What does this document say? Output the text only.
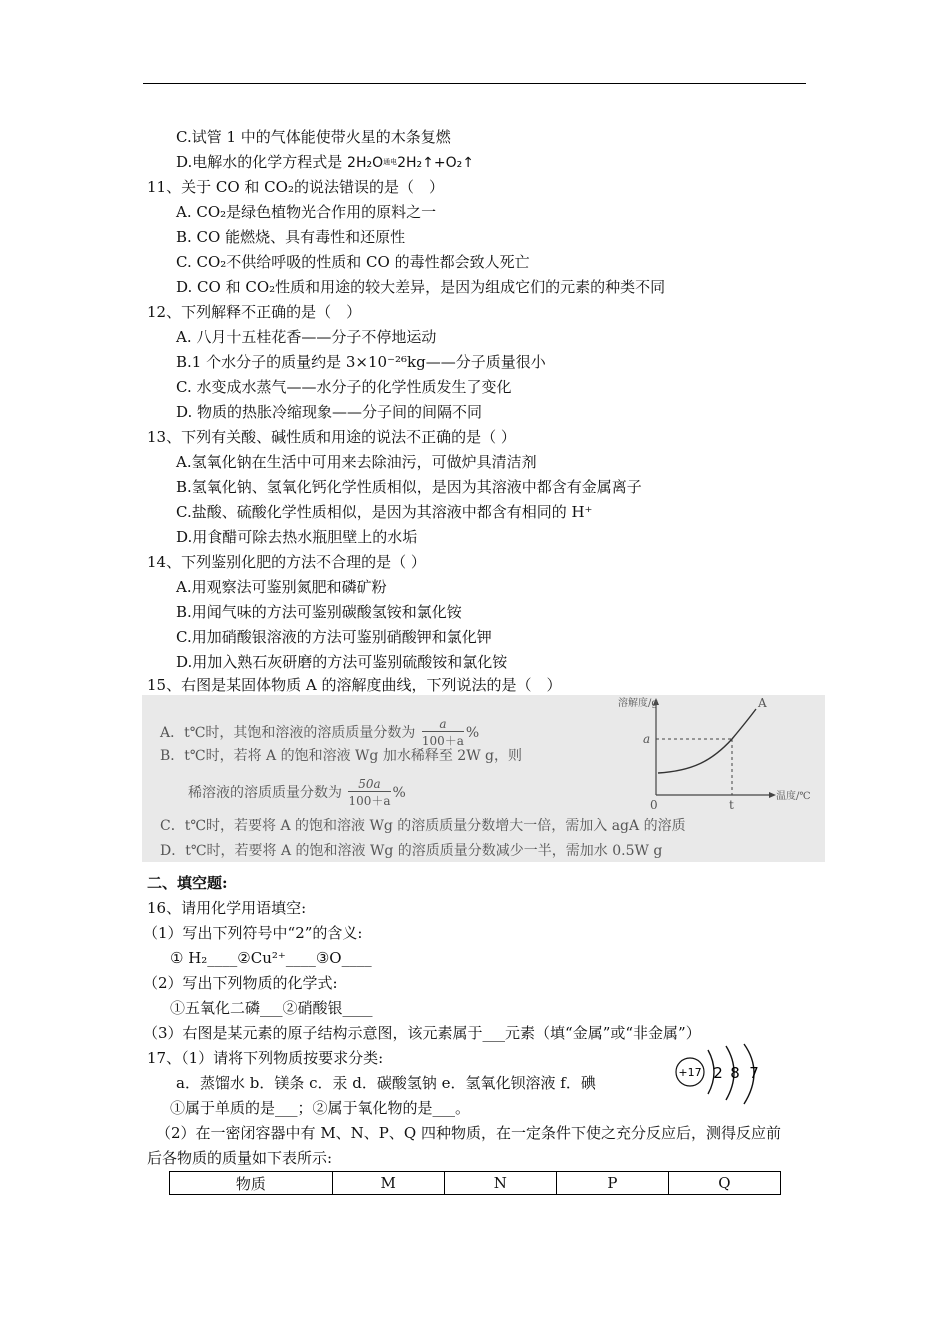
C.试管 1 中的气体能使带火星的木条复燃
D.电解水的化学方程式是 $2H_2O^{通电}2H_2↑+O_2↑$
11、关于 CO 和 CO₂的说法错误的是（　）
A. CO₂是绿色植物光合作用的原料之一
B. CO 能燃烧、具有毒性和还原性
C. CO₂不供给呼吸的性质和 CO 的毒性都会致人死亡
D. CO 和 CO₂性质和用途的较大差异，是因为组成它们的元素的种类不同
12、下列解释不正确的是（　）
A. 八月十五桂花香——分子不停地运动
B.1 个水分子的质量约是 3×10⁻²⁶kg——分子质量很小
C. 水变成水蒸气——水分子的化学性质发生了变化
D. 物质的热胀冷缩现象——分子间的间隔不同
13、下列有关酸、碱性质和用途的说法不正确的是（ ）
A.氢氧化钠在生活中可用来去除油污，可做炉具清洁剂
B.氢氧化钠、氢氧化钙化学性质相似，是因为其溶液中都含有金属离子
C.盐酸、硫酸化学性质相似，是因为其溶液中都含有相同的 H⁺
D.用食醋可除去热水瓶胆壁上的水垢
14、下列鉴别化肥的方法不合理的是（ ）
A.用观察法可鉴别氮肥和磷矿粉
B.用闻气味的方法可鉴别碳酸氢铵和氯化铵
C.用加硝酸银溶液的方法可鉴别硝酸钾和氯化钾
D.用加入熟石灰研磨的方法可鉴别硫酸铵和氯化铵
15、右图是某固体物质 A 的溶解度曲线，下列说法的是（　）
A．t℃时，其饱和溶液的溶质质量分数为 $\frac{a}{100+a}$ %
B．t℃时，若将 A 的饱和溶液 Wg 加水稀释至 2W g，则
稀溶液的溶质质量分数为 $\frac{50a}{100+a}$ %
C．t℃时，若要将 A 的饱和溶液 Wg 的溶质质量分数增大一倍，需加入 agA 的溶质
D．t℃时，若要将 A 的饱和溶液 Wg 的溶质质量分数减少一半，需加水 0.5W g
溶解度/g	A
a
0	t
温度/℃
二、填空题:
16、请用化学用语填空:
（1）写出下列符号中“2”的含义:
① H₂____②Cu²⁺____③O____
（2）写出下列物质的化学式:
①五氧化二磷___②硝酸银____
（3）右图是某元素的原子结构示意图，该元素属于___元素（填“金属”或“非金属”）
17、（1）请将下列物质按要求分类:
a．蒸馏水 b．镁条 c．汞 d．碳酸氢钠 e．氢氧化钡溶液 f．碘
①属于单质的是___；②属于氧化物的是___。
+17 2 8 7
（2）在一密闭容器中有 M、N、P、Q 四种物质，在一定条件下使之充分反应后，测得反应前
后各物质的质量如下表所示:
物质	M	N	P	Q
